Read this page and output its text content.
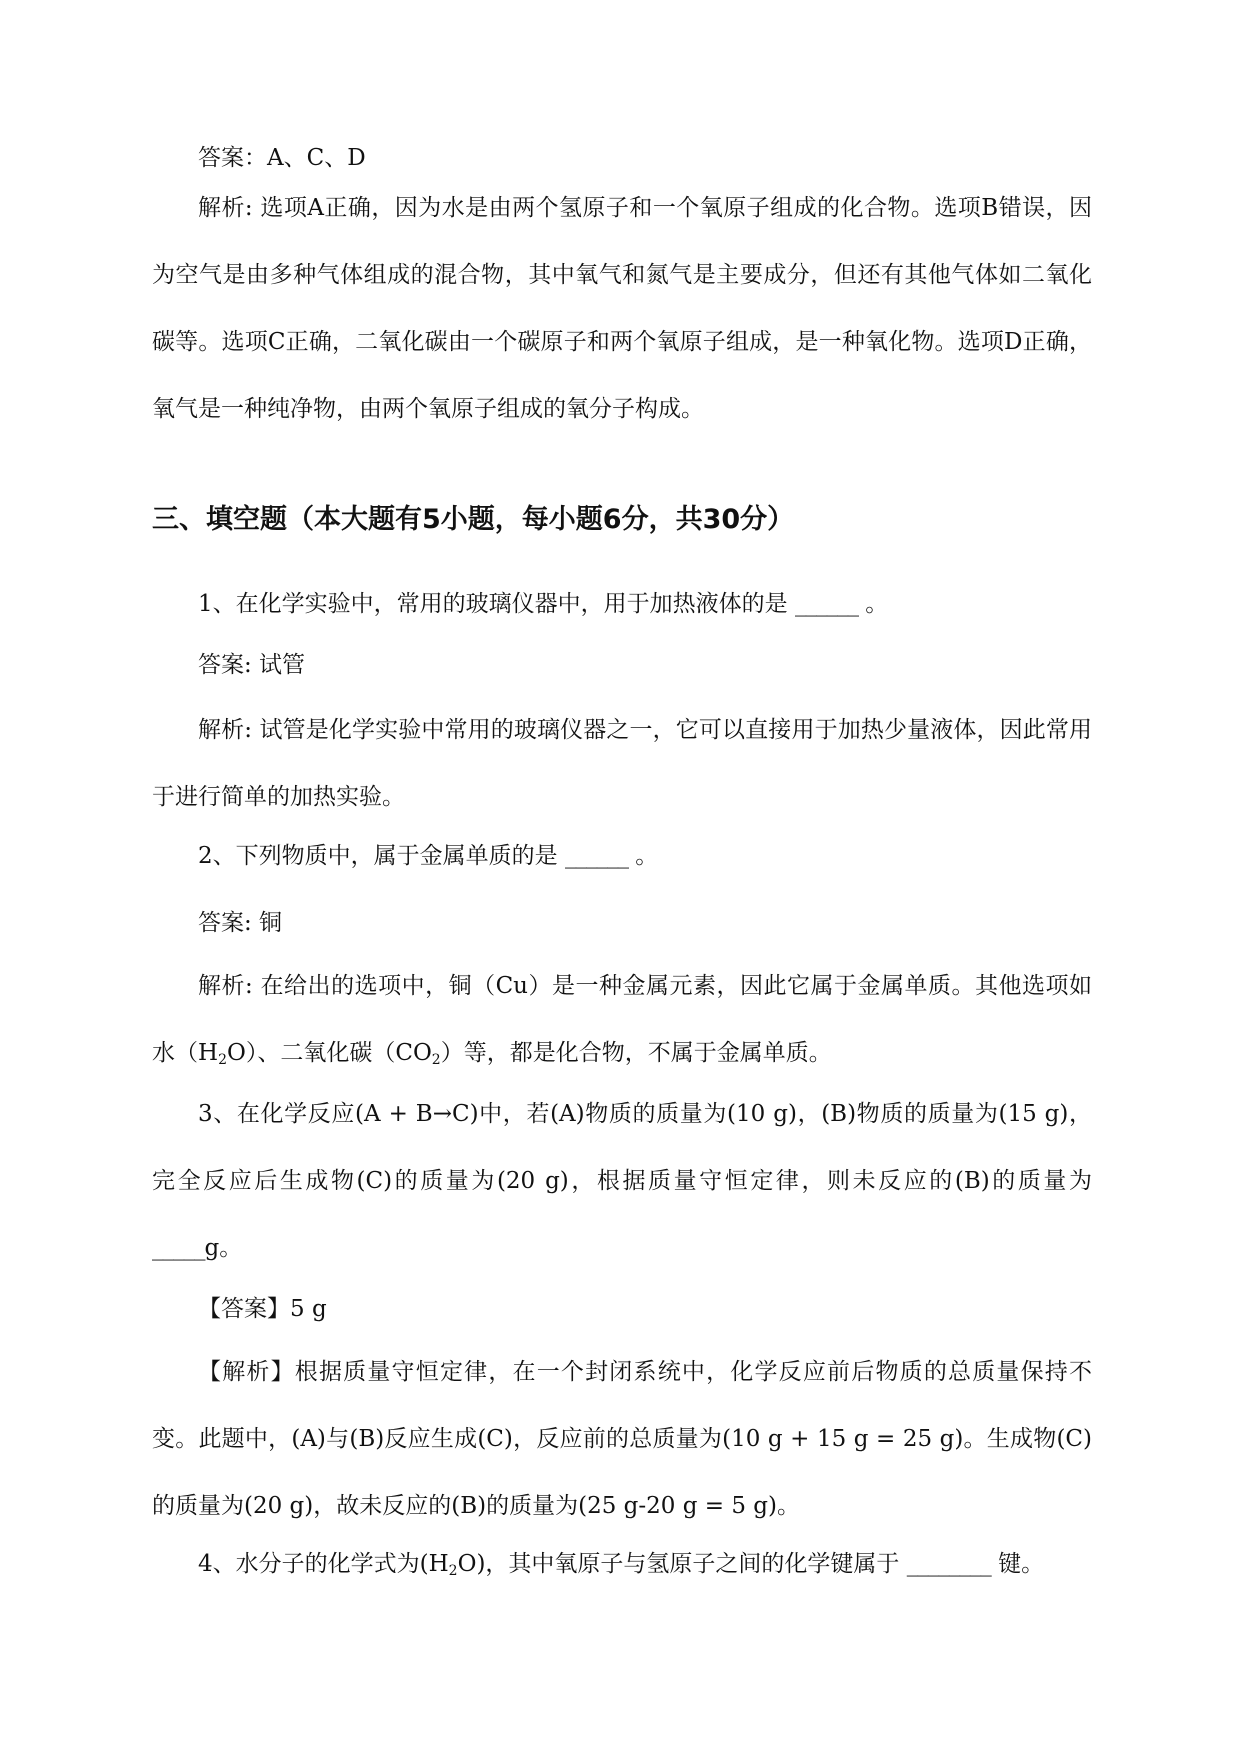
答案：A、C、D

解析: 选项A正确，因为水是由两个氢原子和一个氧原子组成的化合物。选项B错误，因为空气是由多种气体组成的混合物，其中氧气和氮气是主要成分，但还有其他气体如二氧化碳等。选项C正确，二氧化碳由一个碳原子和两个氧原子组成，是一种氧化物。选项D正确，氧气是一种纯净物，由两个氧原子组成的氧分子构成。

三、填空题（本大题有5小题，每小题6分，共30分）

1、在化学实验中，常用的玻璃仪器中，用于加热液体的是 ______ 。

答案: 试管

解析: 试管是化学实验中常用的玻璃仪器之一，它可以直接用于加热少量液体，因此常用于进行简单的加热实验。

2、下列物质中，属于金属单质的是 ______ 。

答案: 铜

解析: 在给出的选项中，铜（Cu）是一种金属元素，因此它属于金属单质。其他选项如水$(H_2O)$、二氧化碳$(CO_2)$等，都是化合物，不属于金属单质。

3、在化学反应(A + B→C)中，若(A)物质的质量为(10 g)，(B)物质的质量为(15 g)，完全反应后生成物(C)的质量为(20 g)，根据质量守恒定律，则未反应的(B)的质量为 _____g。

【答案】5 g

【解析】根据质量守恒定律，在一个封闭系统中，化学反应前后物质的总质量保持不变。此题中，(A)与(B)反应生成(C)，反应前的总质量为(10 g + 15 g = 25 g)。生成物(C)的质量为(20 g)，故未反应的(B)的质量为(25 g-20 g = 5 g)。

4、水分子的化学式为$(H_2O)$，其中氧原子与氢原子之间的化学键属于 ________ 键。
